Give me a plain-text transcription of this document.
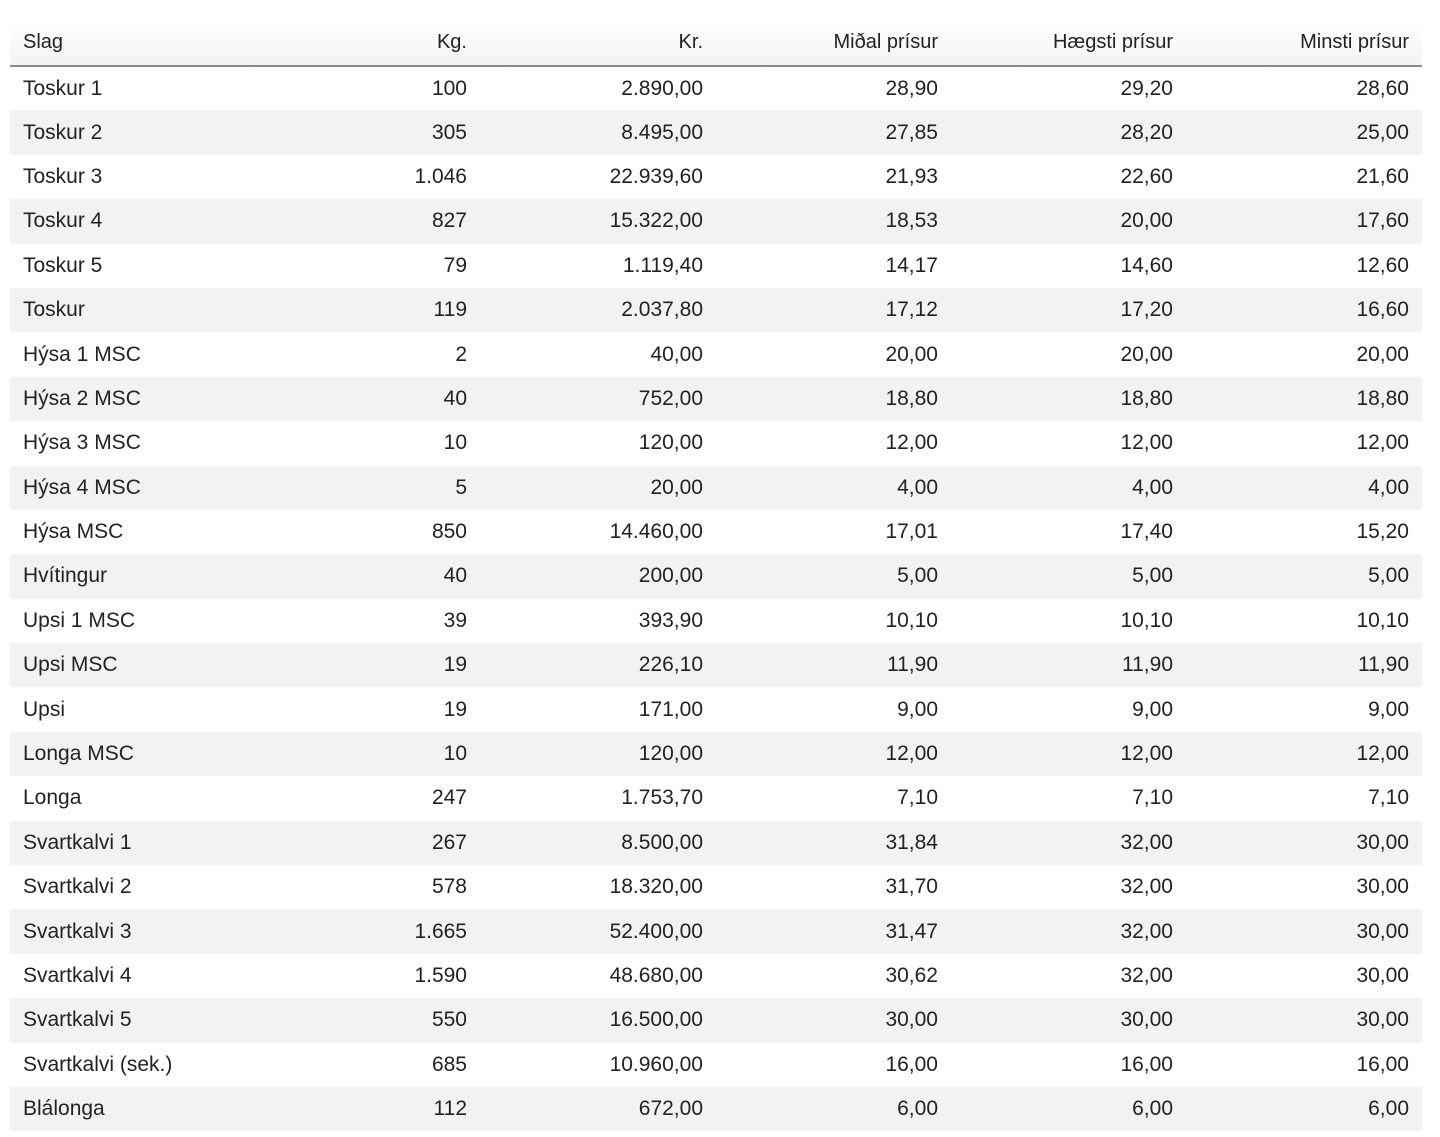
Slag	Kg.	Kr.	Miðal prísur	Hægsti prísur	Minsti prísur
Toskur 1	100	2.890,00	28,90	29,20	28,60
Toskur 2	305	8.495,00	27,85	28,20	25,00
Toskur 3	1.046	22.939,60	21,93	22,60	21,60
Toskur 4	827	15.322,00	18,53	20,00	17,60
Toskur 5	79	1.119,40	14,17	14,60	12,60
Toskur	119	2.037,80	17,12	17,20	16,60
Hýsa 1 MSC	2	40,00	20,00	20,00	20,00
Hýsa 2 MSC	40	752,00	18,80	18,80	18,80
Hýsa 3 MSC	10	120,00	12,00	12,00	12,00
Hýsa 4 MSC	5	20,00	4,00	4,00	4,00
Hýsa MSC	850	14.460,00	17,01	17,40	15,20
Hvítingur	40	200,00	5,00	5,00	5,00
Upsi 1 MSC	39	393,90	10,10	10,10	10,10
Upsi MSC	19	226,10	11,90	11,90	11,90
Upsi	19	171,00	9,00	9,00	9,00
Longa MSC	10	120,00	12,00	12,00	12,00
Longa	247	1.753,70	7,10	7,10	7,10
Svartkalvi 1	267	8.500,00	31,84	32,00	30,00
Svartkalvi 2	578	18.320,00	31,70	32,00	30,00
Svartkalvi 3	1.665	52.400,00	31,47	32,00	30,00
Svartkalvi 4	1.590	48.680,00	30,62	32,00	30,00
Svartkalvi 5	550	16.500,00	30,00	30,00	30,00
Svartkalvi (sek.)	685	10.960,00	16,00	16,00	16,00
Blálonga	112	672,00	6,00	6,00	6,00
